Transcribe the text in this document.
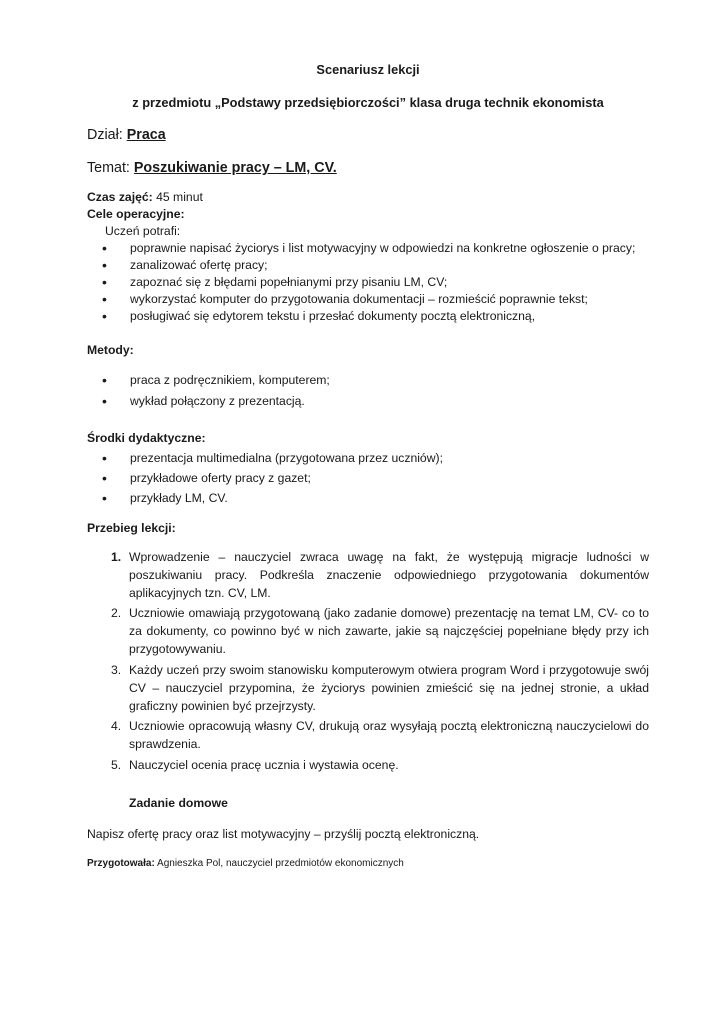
Scenariusz lekcji
z przedmiotu „Podstawy przedsiębiorczości” klasa druga technik ekonomista
Dział: Praca
Temat: Poszukiwanie pracy – LM, CV.
Czas zajęć: 45 minut
Cele operacyjne:
Uczeń potrafi:
• poprawnie napisać życiorys i list motywacyjny w odpowiedzi na konkretne ogłoszenie o pracy;
• zanalizować ofertę pracy;
• zapoznać się z błędami popełnianymi przy pisaniu LM, CV;
• wykorzystać komputer do przygotowania dokumentacji – rozmieścić poprawnie tekst;
• posługiwać się edytorem tekstu i przesłać dokumenty pocztą elektroniczną,
Metody:
• praca z podręcznikiem, komputerem;
• wykład połączony z prezentacją.
Środki dydaktyczne:
• prezentacja multimedialna (przygotowana przez uczniów);
• przykładowe oferty pracy z gazet;
• przykłady LM, CV.
Przebieg lekcji:
1. Wprowadzenie – nauczyciel zwraca uwagę na fakt, że występują migracje ludności w poszukiwaniu pracy. Podkreśla znaczenie odpowiedniego przygotowania dokumentów aplikacyjnych tzn. CV, LM.
2. Uczniowie omawiają przygotowaną (jako zadanie domowe) prezentację na temat LM, CV- co to za dokumenty, co powinno być w nich zawarte, jakie są najczęściej popełniane błędy przy ich przygotowywaniu.
3. Każdy uczeń przy swoim stanowisku komputerowym otwiera program Word i przygotowuje swój CV – nauczyciel przypomina, że życiorys powinien zmieścić się na jednej stronie, a układ graficzny powinien być przejrzysty.
4. Uczniowie opracowują własny CV, drukują oraz wysyłają pocztą elektroniczną nauczycielowi do sprawdzenia.
5. Nauczyciel ocenia pracę ucznia i wystawia ocenę.
Zadanie domowe
Napisz ofertę pracy oraz list motywacyjny – przyślij pocztą elektroniczną.
Przygotowała: Agnieszka Pol, nauczyciel przedmiotów ekonomicznych
